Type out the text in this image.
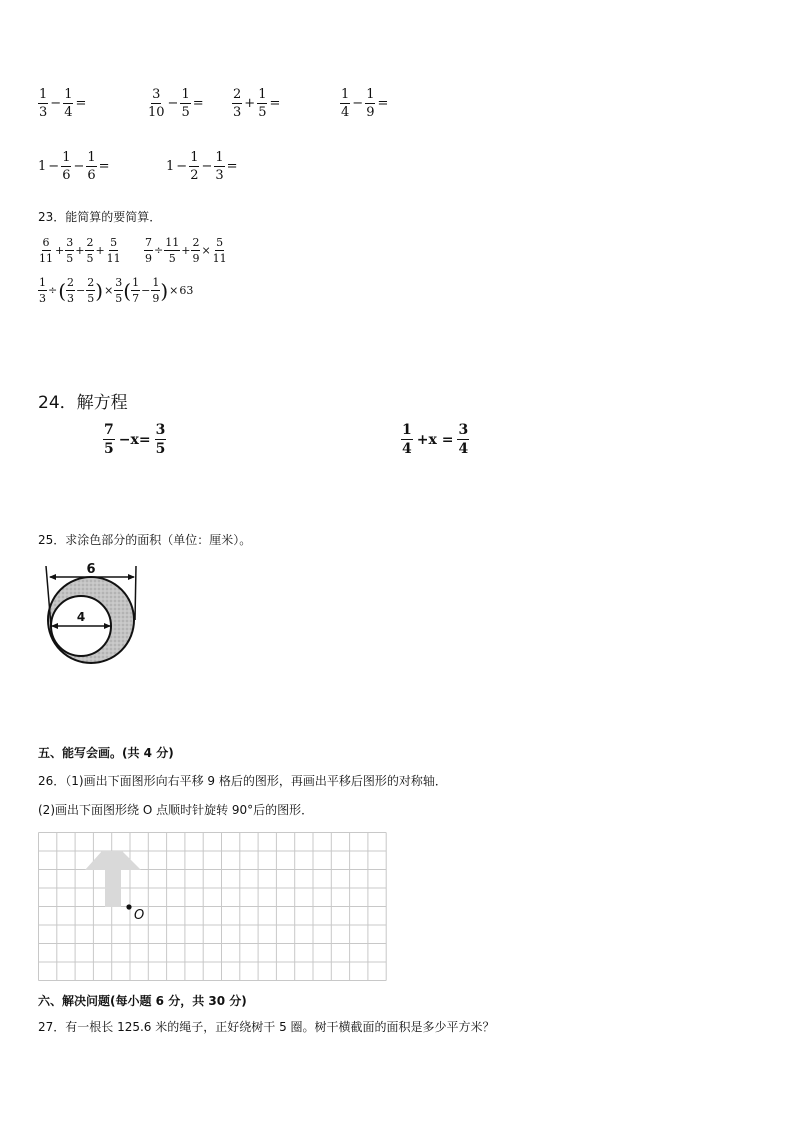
$\frac{1}{3} - \frac{1}{4}$ =	$\frac{3}{10} - \frac{1}{5} = \frac{2}{3} + \frac{1}{5}$ =	$\frac{1}{4} - \frac{1}{9}$ =
$1 - \frac{1}{6} - \frac{1}{6}$ =	$1 - \frac{1}{2} - \frac{1}{3}$ =
23．能简算的要简算．
$\frac{6}{11} + \frac{3}{5} + \frac{2}{5} + \frac{5}{11} \frac{7}{9} \div \frac{11}{5} + \frac{2}{9} \times \frac{5}{11}$
$\frac{1}{3}$ ÷ ( $\frac{2}{3} - \frac{2}{5}$ ) × $\frac{3}{5}$ ( $\frac{1}{7} - \frac{1}{9}$ ) × 63
24．解方程
$\frac{7}{5} -x= \frac{3}{5}$	$\frac{1}{4} +x = \frac{3}{4}$
25．求涂色部分的面积（单位：厘米）。
6
4
五、能写会画。(共 4 分)
26．（1)画出下面图形向右平移 9 格后的图形，再画出平移后图形的对称轴．
(2)画出下面图形绕 O 点顺时针旋转 90°后的图形．
O
六、解决问题(每小题 6 分，共 30 分)
27．有一根长 125.6 米的绳子，正好绕树干 5 圈。树干横截面的面积是多少平方米？
